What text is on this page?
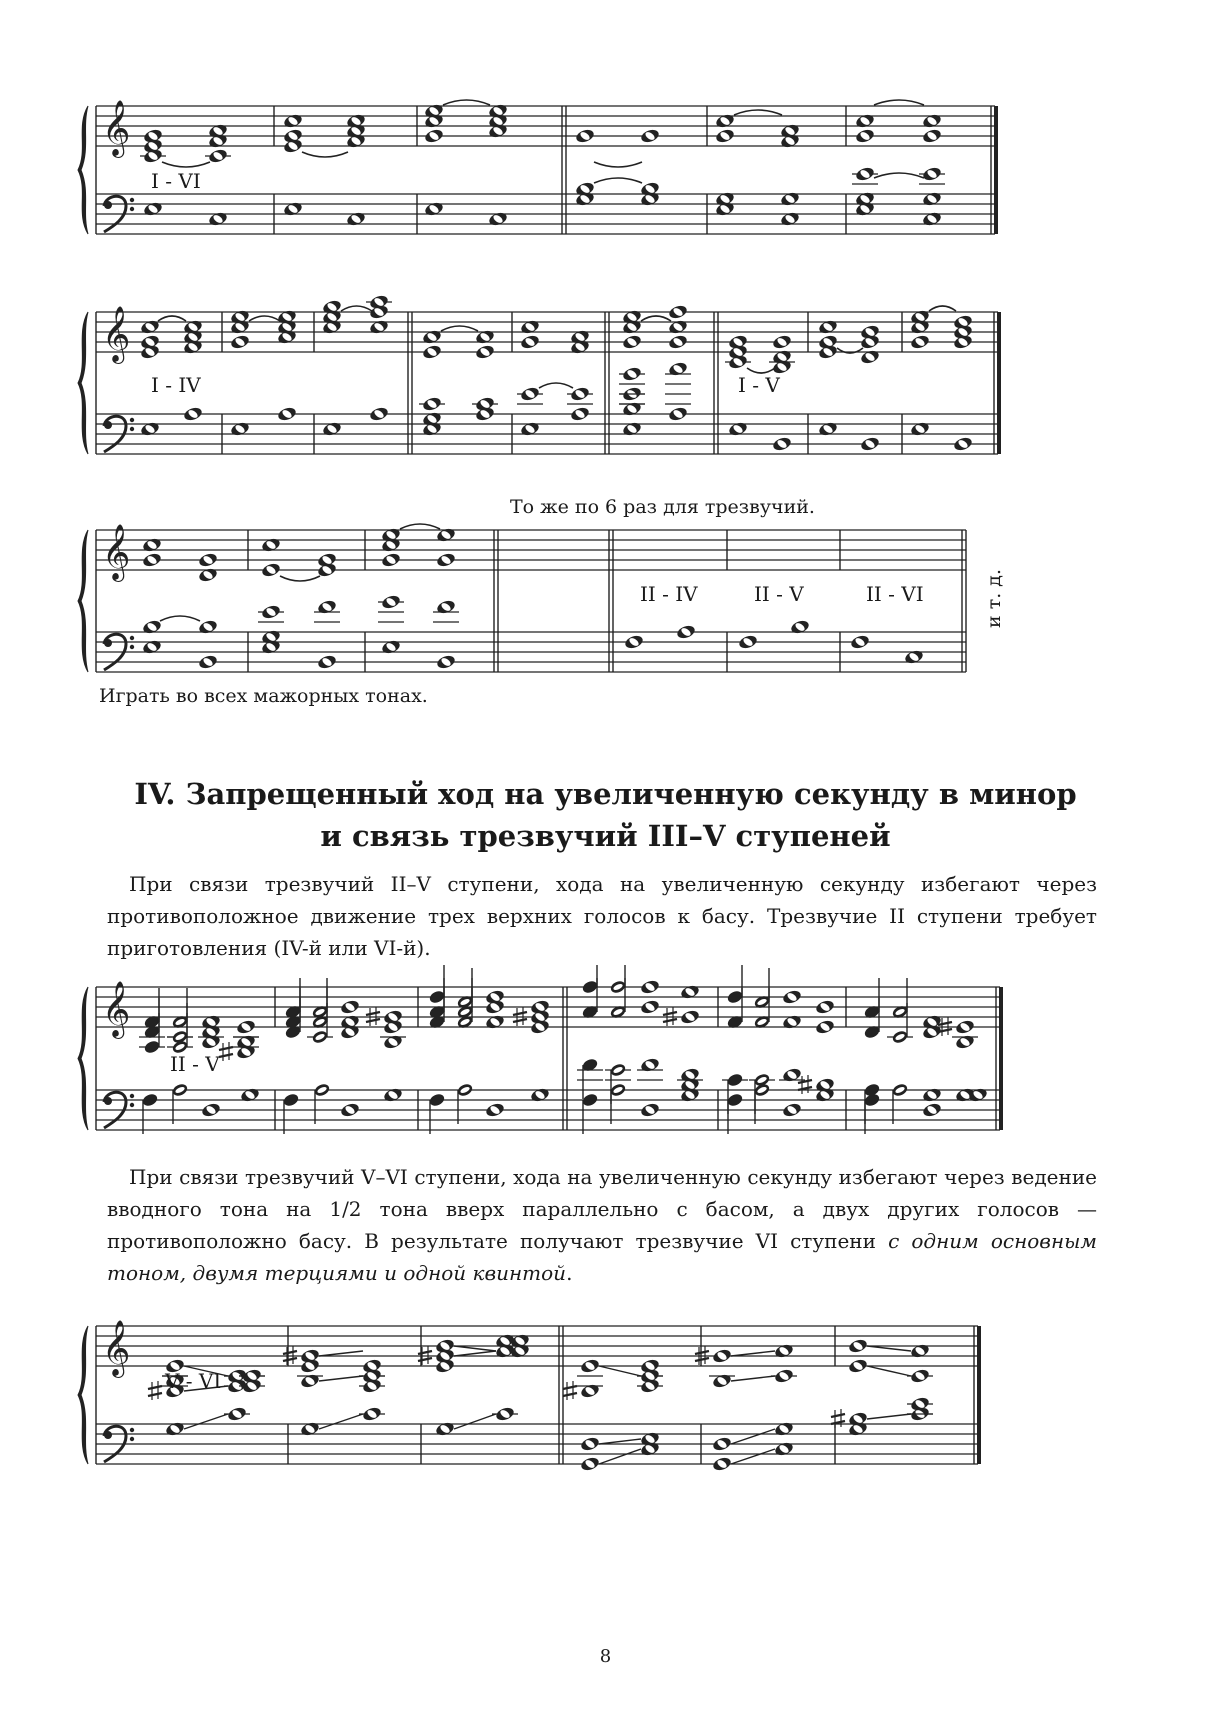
𝄞
I - VI
𝄞
I - IV	I - V
То же по 6 раз для трезвучий.
𝄞
II - IV	II - V	II - VI	и т. д.
Играть во всех мажорных тонах.
IV. Запрещенный ход на увеличенную секунду в минор
и связь трезвучий III–V ступеней
При связи трезвучий II–V ступени, хода на увеличенную секунду избегают через противоположное движение трех верхних голосов к басу. Трезвучие II ступени требует приготовления (IV-й или VI-й).
𝄞
II - V
При связи трезвучий V–VI ступени, хода на увеличенную секунду избегают через ведение вводного тона на 1/2 тона вверх параллельно с басом, а двух других голосов — противоположно басу. В результате получают трезвучие VI ступени с одним основным тоном, двумя терциями и одной квинтой.
𝄞
V - VI
8
